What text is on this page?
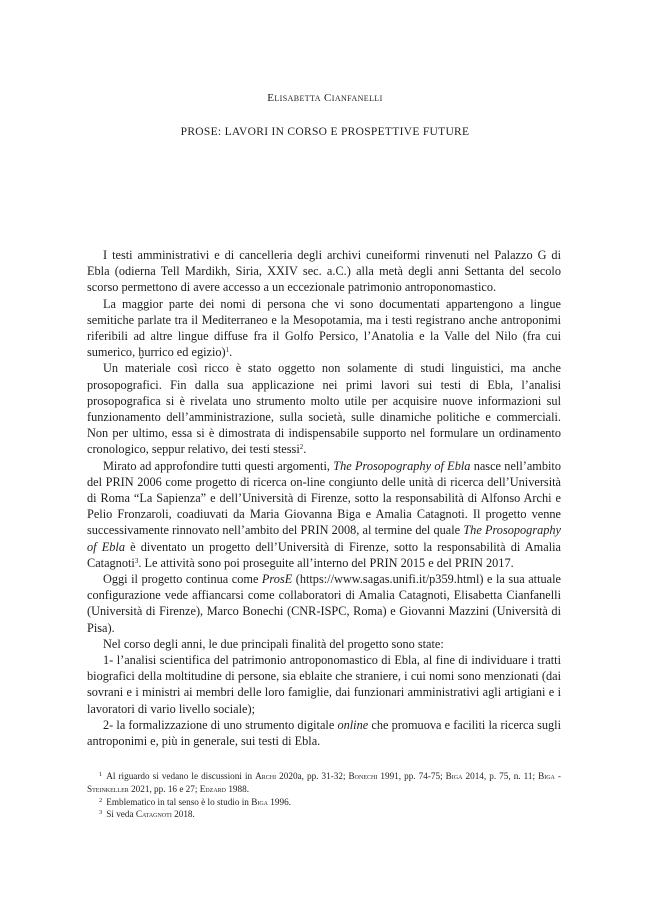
Elisabetta Cianfanelli
PROSE: LAVORI IN CORSO E PROSPETTIVE FUTURE

I testi amministrativi e di cancelleria degli archivi cuneiformi rinvenuti nel Palazzo G di Ebla (odierna Tell Mardikh, Siria, XXIV sec. a.C.) alla metà degli anni Settanta del secolo scorso permettono di avere accesso a un eccezionale patrimonio antroponomastico.

La maggior parte dei nomi di persona che vi sono documentati appartengono a lingue semitiche parlate tra il Mediterraneo e la Mesopotamia, ma i testi registrano anche antroponimi riferibili ad altre lingue diffuse fra il Golfo Persico, l’Anatolia e la Valle del Nilo (fra cui sumerico, ḫurrico ed egizio)$^1$.

Un materiale così ricco è stato oggetto non solamente di studi linguistici, ma anche prosopografici. Fin dalla sua applicazione nei primi lavori sui testi di Ebla, l’analisi prosopografica si è rivelata uno strumento molto utile per acquisire nuove informazioni sul funzionamento dell’amministrazione, sulla società, sulle dinamiche politiche e commerciali. Non per ultimo, essa si è dimostrata di indispensabile supporto nel formulare un ordinamento cronologico, seppur relativo, dei testi stessi$^2$.

Mirato ad approfondire tutti questi argomenti, The Prosopography of Ebla nasce nell’ambito del PRIN 2006 come progetto di ricerca on-line congiunto delle unità di ricerca dell’Università di Roma “La Sapienza” e dell’Università di Firenze, sotto la responsabilità di Alfonso Archi e Pelio Fronzaroli, coadiuvati da Maria Giovanna Biga e Amalia Catagnoti. Il progetto venne successivamente rinnovato nell’ambito del PRIN 2008, al termine del quale The Prosopography of Ebla è diventato un progetto dell’Università di Firenze, sotto la responsabilità di Amalia Catagnoti$^3$. Le attività sono poi proseguite all’interno del PRIN 2015 e del PRIN 2017.

Oggi il progetto continua come ProsE (https://www.sagas.unifi.it/p359.html) e la sua attuale configurazione vede affiancarsi come collaboratori di Amalia Catagnoti, Elisabetta Cianfanelli (Università di Firenze), Marco Bonechi (CNR-ISPC, Roma) e Giovanni Mazzini (Università di Pisa).

Nel corso degli anni, le due principali finalità del progetto sono state:

1- l’analisi scientifica del patrimonio antroponomastico di Ebla, al fine di individuare i tratti biografici della moltitudine di persone, sia eblaite che straniere, i cui nomi sono menzionati (dai sovrani e i ministri ai membri delle loro famiglie, dai funzionari amministrativi agli artigiani e i lavoratori di vario livello sociale);

2- la formalizzazione di uno strumento digitale online che promuova e faciliti la ricerca sugli antroponimi e, più in generale, sui testi di Ebla.

$^1$ Al riguardo si vedano le discussioni in Archi 2020a, pp. 31-32; Bonechi 1991, pp. 74-75; Biga 2014, p. 75, n. 11; Biga - Steinkeller 2021, pp. 16 e 27; Edzard 1988.

$^2$ Emblematico in tal senso è lo studio in Biga 1996.

$^3$ Si veda Catagnoti 2018.
